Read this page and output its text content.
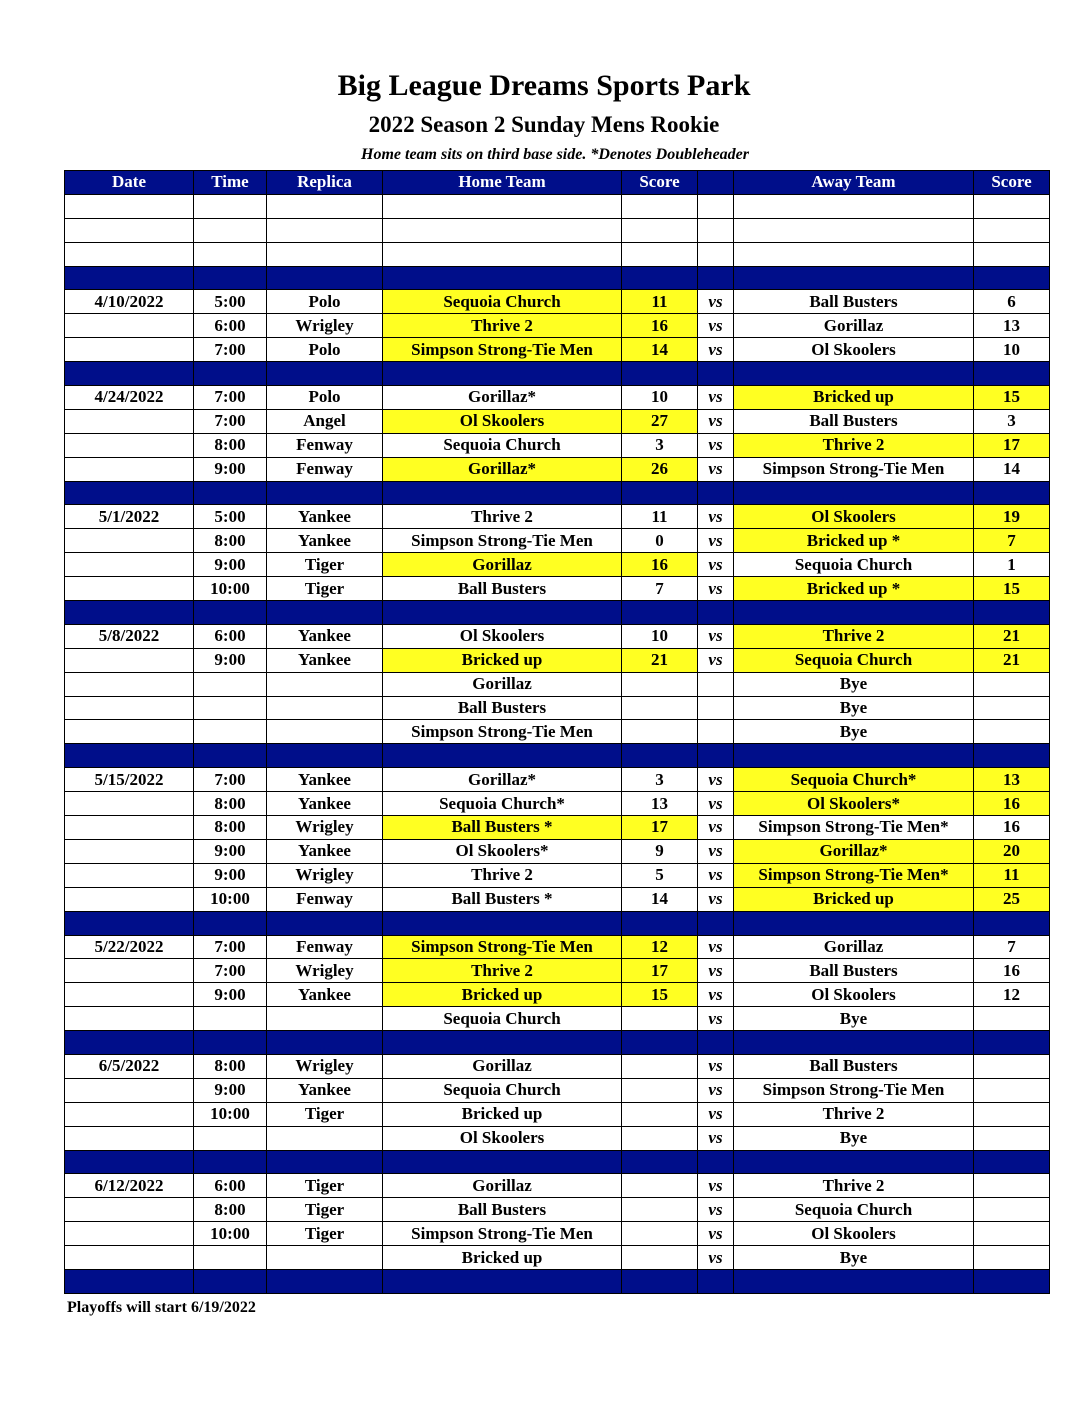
Big League Dreams Sports Park
2022 Season 2 Sunday Mens Rookie
Home team sits on third base side. *Denotes Doubleheader
Date	Time	Replica	Home Team	Score		Away Team	Score

4/10/2022	5:00	Polo	Sequoia Church	11	vs	Ball Busters	6
	6:00	Wrigley	Thrive 2	16	vs	Gorillaz	13
	7:00	Polo	Simpson Strong-Tie Men	14	vs	Ol Skoolers	10

4/24/2022	7:00	Polo	Gorillaz*	10	vs	Bricked up	15
	7:00	Angel	Ol Skoolers	27	vs	Ball Busters	3
	8:00	Fenway	Sequoia Church	3	vs	Thrive 2	17
	9:00	Fenway	Gorillaz*	26	vs	Simpson Strong-Tie Men	14

5/1/2022	5:00	Yankee	Thrive 2	11	vs	Ol Skoolers	19
	8:00	Yankee	Simpson Strong-Tie Men	0	vs	Bricked up *	7
	9:00	Tiger	Gorillaz	16	vs	Sequoia Church	1
	10:00	Tiger	Ball Busters	7	vs	Bricked up *	15

5/8/2022	6:00	Yankee	Ol Skoolers	10	vs	Thrive 2	21
	9:00	Yankee	Bricked up	21	vs	Sequoia Church	21
			Gorillaz			Bye	
			Ball Busters			Bye	
			Simpson Strong-Tie Men			Bye	

5/15/2022	7:00	Yankee	Gorillaz*	3	vs	Sequoia Church*	13
	8:00	Yankee	Sequoia Church*	13	vs	Ol Skoolers*	16
	8:00	Wrigley	Ball Busters *	17	vs	Simpson Strong-Tie Men*	16
	9:00	Yankee	Ol Skoolers*	9	vs	Gorillaz*	20
	9:00	Wrigley	Thrive 2	5	vs	Simpson Strong-Tie Men*	11
	10:00	Fenway	Ball Busters *	14	vs	Bricked up	25

5/22/2022	7:00	Fenway	Simpson Strong-Tie Men	12	vs	Gorillaz	7
	7:00	Wrigley	Thrive 2	17	vs	Ball Busters	16
	9:00	Yankee	Bricked up	15	vs	Ol Skoolers	12
			Sequoia Church		vs	Bye	

6/5/2022	8:00	Wrigley	Gorillaz		vs	Ball Busters	
	9:00	Yankee	Sequoia Church		vs	Simpson Strong-Tie Men	
	10:00	Tiger	Bricked up		vs	Thrive 2	
			Ol Skoolers		vs	Bye	

6/12/2022	6:00	Tiger	Gorillaz		vs	Thrive 2	
	8:00	Tiger	Ball Busters		vs	Sequoia Church	
	10:00	Tiger	Simpson Strong-Tie Men		vs	Ol Skoolers	
			Bricked up		vs	Bye	

Playoffs will start 6/19/2022
